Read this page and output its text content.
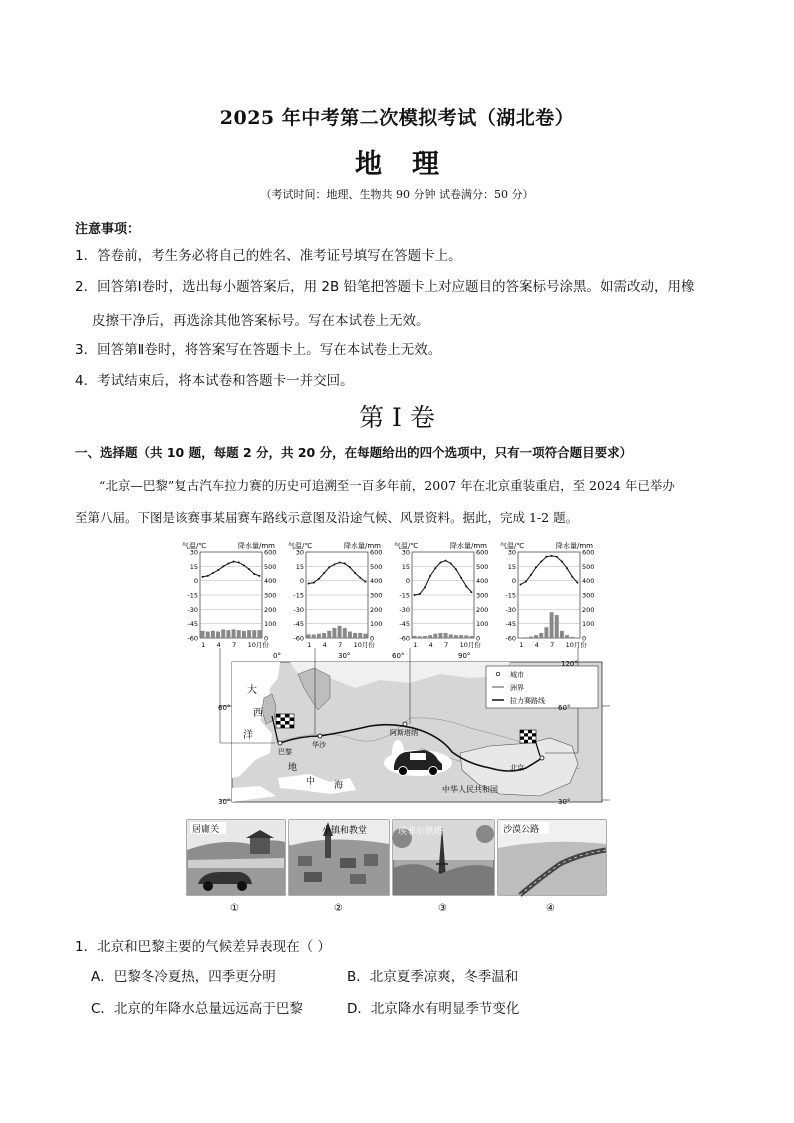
2025 年中考第二次模拟考试（湖北卷）
地理
（考试时间：地理、生物共 90 分钟 试卷满分：50 分）
注意事项：
1．答卷前，考生务必将自己的姓名、准考证号填写在答题卡上。
2．回答第Ⅰ卷时，选出每小题答案后，用 2B 铅笔把答题卡上对应题目的答案标号涂黑。如需改动，用橡
皮擦干净后，再选涂其他答案标号。写在本试卷上无效。
3．回答第Ⅱ卷时，将答案写在答题卡上。写在本试卷上无效。
4．考试结束后，将本试卷和答题卡一并交回。
第 I 卷
一、选择题（共 10 题，每题 2 分，共 20 分，在每题给出的四个选项中，只有一项符合题目要求）
“北京—巴黎”复古汽车拉力赛的历史可追溯至一百多年前，2007 年在北京重装重启，至 2024 年已举办
至第八届。下图是该赛事某届赛车路线示意图及沿途气候、风景资料。据此，完成 1-2 题。
气温/℃	降水量/mm
30
15
0
-15
-30
-45
-60
600
500
400
300
200
100
0
1 4 7 10月份
气温/℃	降水量/mm
30
15
0
-15
-30
-45
-60
600
500
400
300
200
100
0
1 4 7 10月份
气温/℃	降水量/mm
30
15
0
-15
-30
-45
-60
600
500
400
300
200
100
0
1 4 7 10月份
气温/℃	降水量/mm
30
15
0
-15
-30
-45
-60
600
500
400
300
200
100
0
1 4 7 10月份
城市
洲界
拉力赛路线
0°	30°	60°	90°
120°
60°
30°
60°
30°
大
西
洋
巴黎
华沙
阿斯塔纳
北京
中华人民共和国
地
中 海
居庸关	小镇和教堂	埃菲尔铁塔	沙漠公路
①	②	③	④
1．北京和巴黎主要的气候差异表现在（ ）
A．巴黎冬冷夏热，四季更分明	B．北京夏季凉爽，冬季温和
C．北京的年降水总量远远高于巴黎	D．北京降水有明显季节变化
